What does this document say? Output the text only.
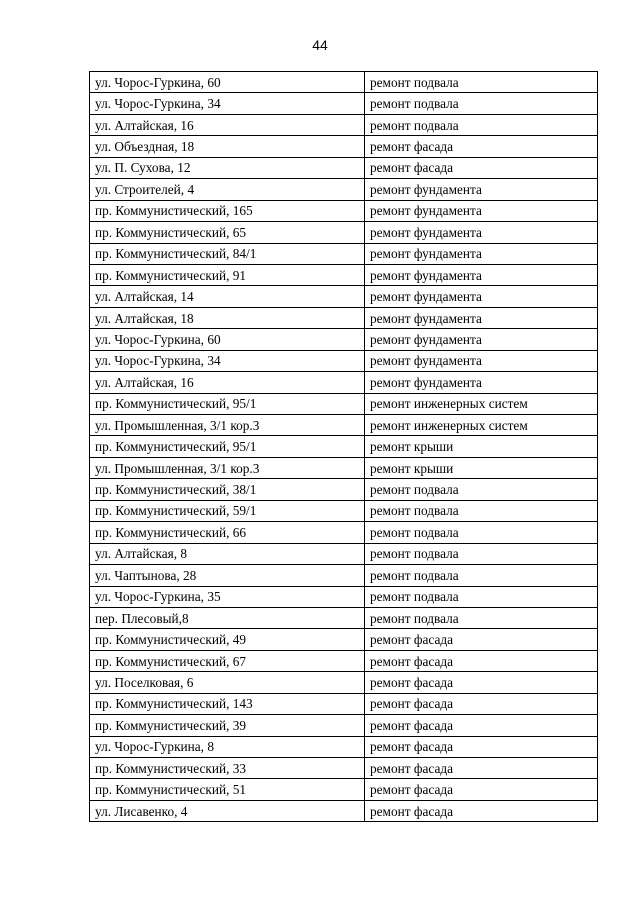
44
ул. Чорос-Гуркина, 60	ремонт подвала
ул. Чорос-Гуркина, 34	ремонт подвала
ул. Алтайская, 16	ремонт подвала
ул. Объездная, 18	ремонт фасада
ул. П. Сухова, 12	ремонт фасада
ул. Строителей, 4	ремонт фундамента
пр. Коммунистический, 165	ремонт фундамента
пр. Коммунистический, 65	ремонт фундамента
пр. Коммунистический, 84/1	ремонт фундамента
пр. Коммунистический, 91	ремонт фундамента
ул. Алтайская, 14	ремонт фундамента
ул. Алтайская, 18	ремонт фундамента
ул. Чорос-Гуркина, 60	ремонт фундамента
ул. Чорос-Гуркина, 34	ремонт фундамента
ул. Алтайская, 16	ремонт фундамента
пр. Коммунистический, 95/1	ремонт инженерных систем
ул. Промышленная, 3/1 кор.3	ремонт инженерных систем
пр. Коммунистический, 95/1	ремонт крыши
ул. Промышленная, 3/1 кор.3	ремонт крыши
пр. Коммунистический, 38/1	ремонт подвала
пр. Коммунистический, 59/1	ремонт подвала
пр. Коммунистический, 66	ремонт подвала
ул. Алтайская, 8	ремонт подвала
ул. Чаптынова, 28	ремонт подвала
ул. Чорос-Гуркина, 35	ремонт подвала
пер. Плесовый,8	ремонт подвала
пр. Коммунистический, 49	ремонт фасада
пр. Коммунистический, 67	ремонт фасада
ул. Поселковая, 6	ремонт фасада
пр. Коммунистический, 143	ремонт фасада
пр. Коммунистический, 39	ремонт фасада
ул. Чорос-Гуркина, 8	ремонт фасада
пр. Коммунистический, 33	ремонт фасада
пр. Коммунистический, 51	ремонт фасада
ул. Лисавенко, 4	ремонт фасада
